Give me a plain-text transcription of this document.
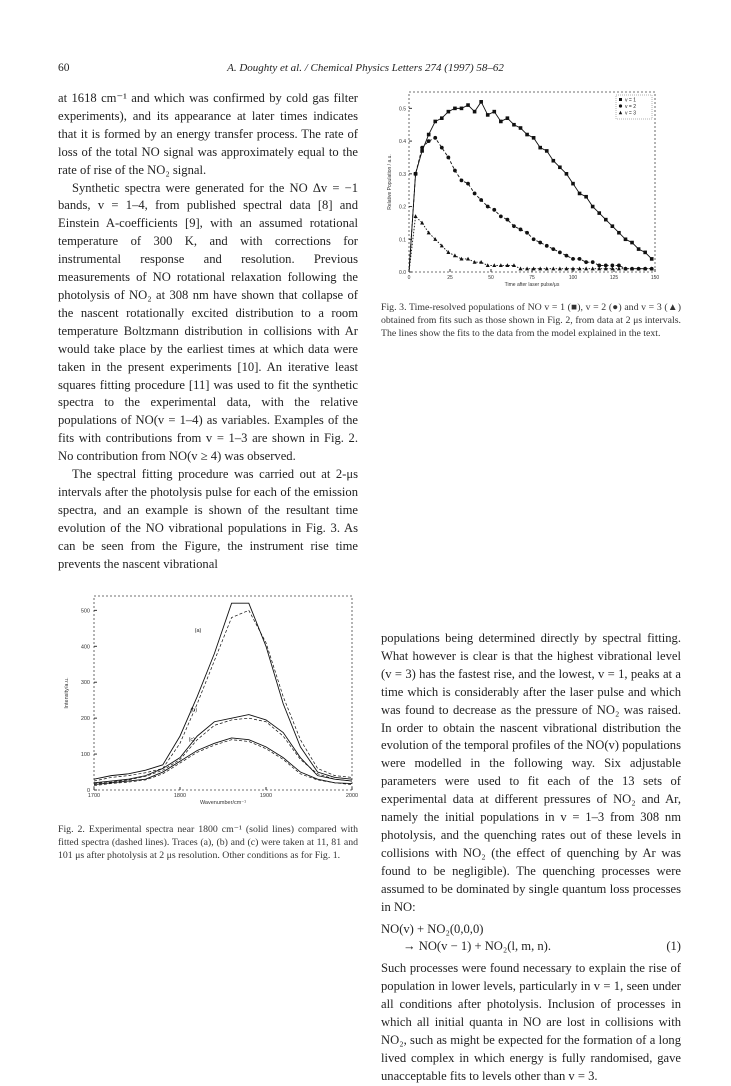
60	A. Doughty et al. / Chemical Physics Letters 274 (1997) 58–62

at 1618 cm⁻¹ and which was confirmed by cold gas filter experiments), and its appearance at later times indicates that it is formed by an energy transfer process. The rate of loss of the total NO signal was approximately equal to the rate of rise of the NO₂ signal.

Synthetic spectra were generated for the NO Δv = −1 bands, v = 1–4, from published spectral data [8] and Einstein A-coefficients [9], with an assumed rotational temperature of 300 K, and with corrections for instrumental response and resolution. Previous measurements of NO rotational relaxation following the photolysis of NO₂ at 308 nm have shown that collapse of the nascent rotationally excited distribution to a room temperature Boltzmann distribution in collisions with Ar would take place by the earliest times at which data were taken in the present experiments [10]. An iterative least squares fitting procedure [11] was used to fit the synthetic spectra to the experimental data, with the relative populations of NO(v = 1–4) as variables. Examples of the fits with contributions from v = 1–3 are shown in Fig. 2. No contribution from NO(v ≥ 4) was observed.

The spectral fitting procedure was carried out at 2-μs intervals after the photolysis pulse for each of the emission spectra, and an example is shown of the resultant time evolution of the NO vibrational populations in Fig. 3. As can be seen from the Figure, the instrument rise time prevents the nascent vibrational

0	25	50	75	100	125	150
0.0
0.1
0.2
0.3
0.4
0.5
Time after laser pulse/μs
Relative Population / a.u.
v = 1
v = 2
v = 3
Fig. 3. Time-resolved populations of NO v = 1 (■), v = 2 (●) and v = 3 (▲) obtained from fits such as those shown in Fig. 2, from data at 2 μs intervals. The lines show the fits to the data from the model explained in the text.

populations being determined directly by spectral fitting. What however is clear is that the highest vibrational level (v = 3) has the fastest rise, and the lowest, v = 1, peaks at a time which is considerably after the laser pulse and which was found to decrease as the pressure of NO₂ was raised. In order to obtain the nascent vibrational distribution the evolution of the temporal profiles of the NO(v) populations were modelled in the following way. Six adjustable parameters were used to fit each of the 13 sets of experimental data at different pressures of NO₂ and Ar, namely the initial populations in v = 1–3 from 308 nm photolysis, and the quenching rates out of these levels in collisions with NO₂ (the effect of quenching by Ar was found to be negligible). The quenching processes were assumed to be dominated by single quantum loss processes in NO:

NO(v) + NO₂(0,0,0)
→ NO(v − 1) + NO₂(l, m, n).	(1)

Such processes were found necessary to explain the rise of population in lower levels, particularly in v = 1, seen under all conditions after photolysis. Inclusion of processes in which all initial quanta in NO are lost in collisions with NO₂, such as might be expected for the formation of a long lived complex in which energy is fully randomised, gave unacceptable fits to levels other than v = 3.

1700	1800	1900	2000
0
100
200
300
400
500
Wavenumber/cm⁻¹
Intensity/a.u.
(a)
(b)
(c)
Fig. 2. Experimental spectra near 1800 cm⁻¹ (solid lines) compared with fitted spectra (dashed lines). Traces (a), (b) and (c) were taken at 11, 81 and 101 μs after photolysis at 2 μs resolution. Other conditions as for Fig. 1.
